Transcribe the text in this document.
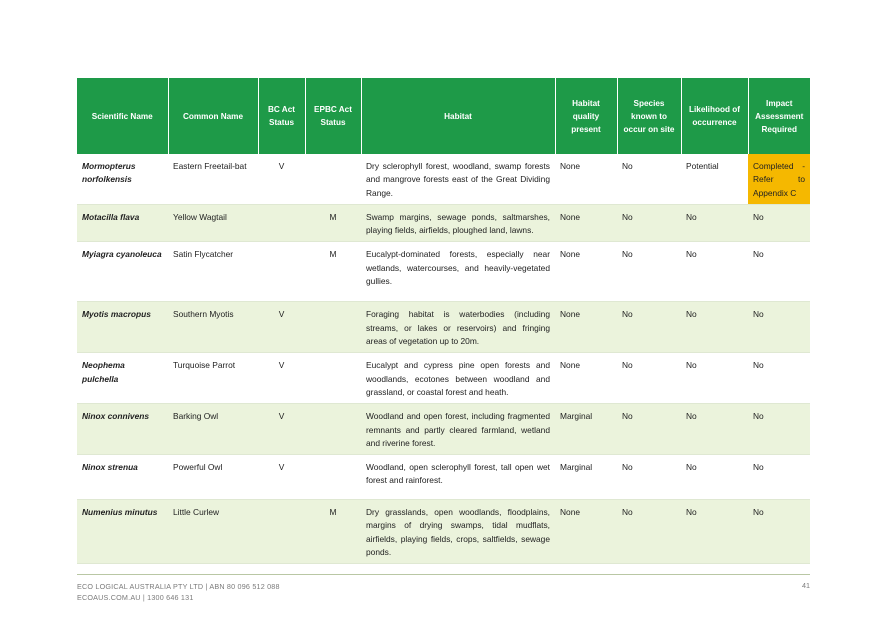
Scientific Name	Common Name	BC Act Status	EPBC Act Status	Habitat	Habitat quality present	Species known to occur on site	Likelihood of occurrence	Impact Assessment Required
Mormopterus norfolkensis	Eastern Freetail-bat	V		Dry sclerophyll forest, woodland, swamp forests and mangrove forests east of the Great Dividing Range.	None	No	Potential	Completed - Refer to Appendix C
Motacilla flava	Yellow Wagtail		M	Swamp margins, sewage ponds, saltmarshes, playing fields, airfields, ploughed land, lawns.	None	No	No	No
Myiagra cyanoleuca	Satin Flycatcher		M	Eucalypt-dominated forests, especially near wetlands, watercourses, and heavily-vegetated gullies.	None	No	No	No
Myotis macropus	Southern Myotis	V		Foraging habitat is waterbodies (including streams, or lakes or reservoirs) and fringing areas of vegetation up to 20m.	None	No	No	No
Neophema pulchella	Turquoise Parrot	V		Eucalypt and cypress pine open forests and woodlands, ecotones between woodland and grassland, or coastal forest and heath.	None	No	No	No
Ninox connivens	Barking Owl	V		Woodland and open forest, including fragmented remnants and partly cleared farmland, wetland and riverine forest.	Marginal	No	No	No
Ninox strenua	Powerful Owl	V		Woodland, open sclerophyll forest, tall open wet forest and rainforest.	Marginal	No	No	No
Numenius minutus	Little Curlew		M	Dry grasslands, open woodlands, floodplains, margins of drying swamps, tidal mudflats, airfields, playing fields, crops, saltfields, sewage ponds.	None	No	No	No
ECO LOGICAL AUSTRALIA PTY LTD | ABN 80 096 512 088
ECOAUS.COM.AU | 1300 646 131
41
